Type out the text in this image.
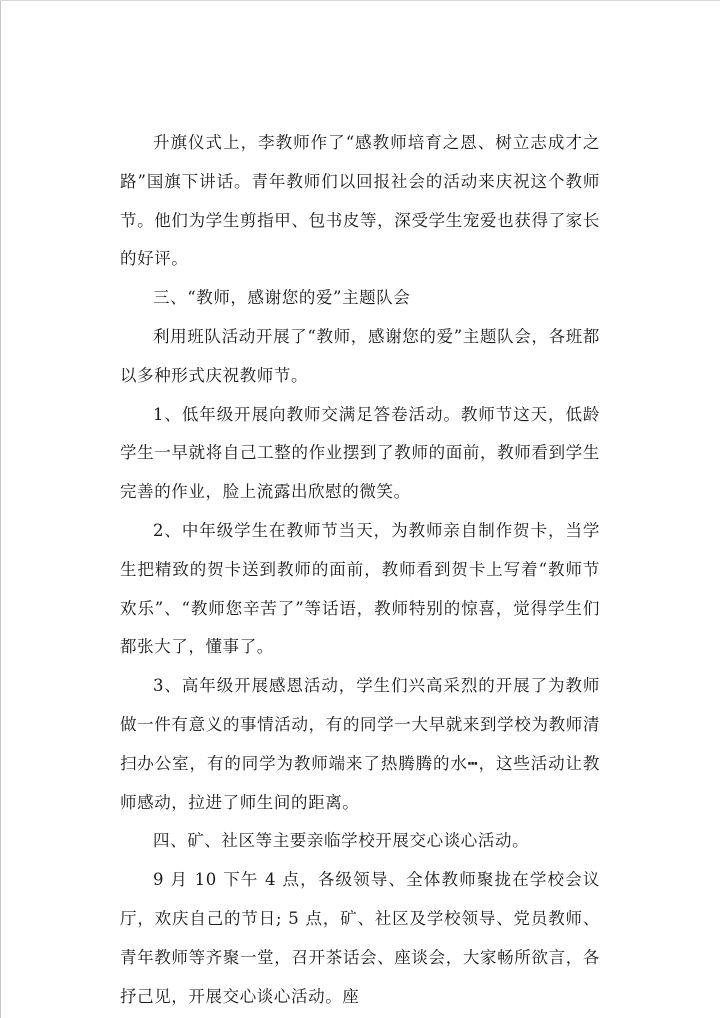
升旗仪式上，李教师作了“感教师培育之恩、树立志成才之路”国旗下讲话。青年教师们以回报社会的活动来庆祝这个教师节。他们为学生剪指甲、包书皮等，深受学生宠爱也获得了家长的好评。

三、“教师，感谢您的爱”主题队会

利用班队活动开展了“教师，感谢您的爱”主题队会，各班都以多种形式庆祝教师节。

1、低年级开展向教师交满足答卷活动。教师节这天，低龄学生一早就将自己工整的作业摆到了教师的面前，教师看到学生完善的作业，脸上流露出欣慰的微笑。

2、中年级学生在教师节当天，为教师亲自制作贺卡，当学生把精致的贺卡送到教师的面前，教师看到贺卡上写着“教师节欢乐”、“教师您辛苦了”等话语，教师特别的惊喜，觉得学生们都张大了，懂事了。

3、高年级开展感恩活动，学生们兴高采烈的开展了为教师做一件有意义的事情活动，有的同学一大早就来到学校为教师清扫办公室，有的同学为教师端来了热腾腾的水┅，这些活动让教师感动，拉进了师生间的距离。

四、矿、社区等主要亲临学校开展交心谈心活动。

9 月 10 下午 4 点，各级领导、全体教师聚拢在学校会议厅，欢庆自己的节日; 5 点，矿、社区及学校领导、党员教师、青年教师等齐聚一堂，召开茶话会、座谈会，大家畅所欲言，各抒己见，开展交心谈心活动。座
